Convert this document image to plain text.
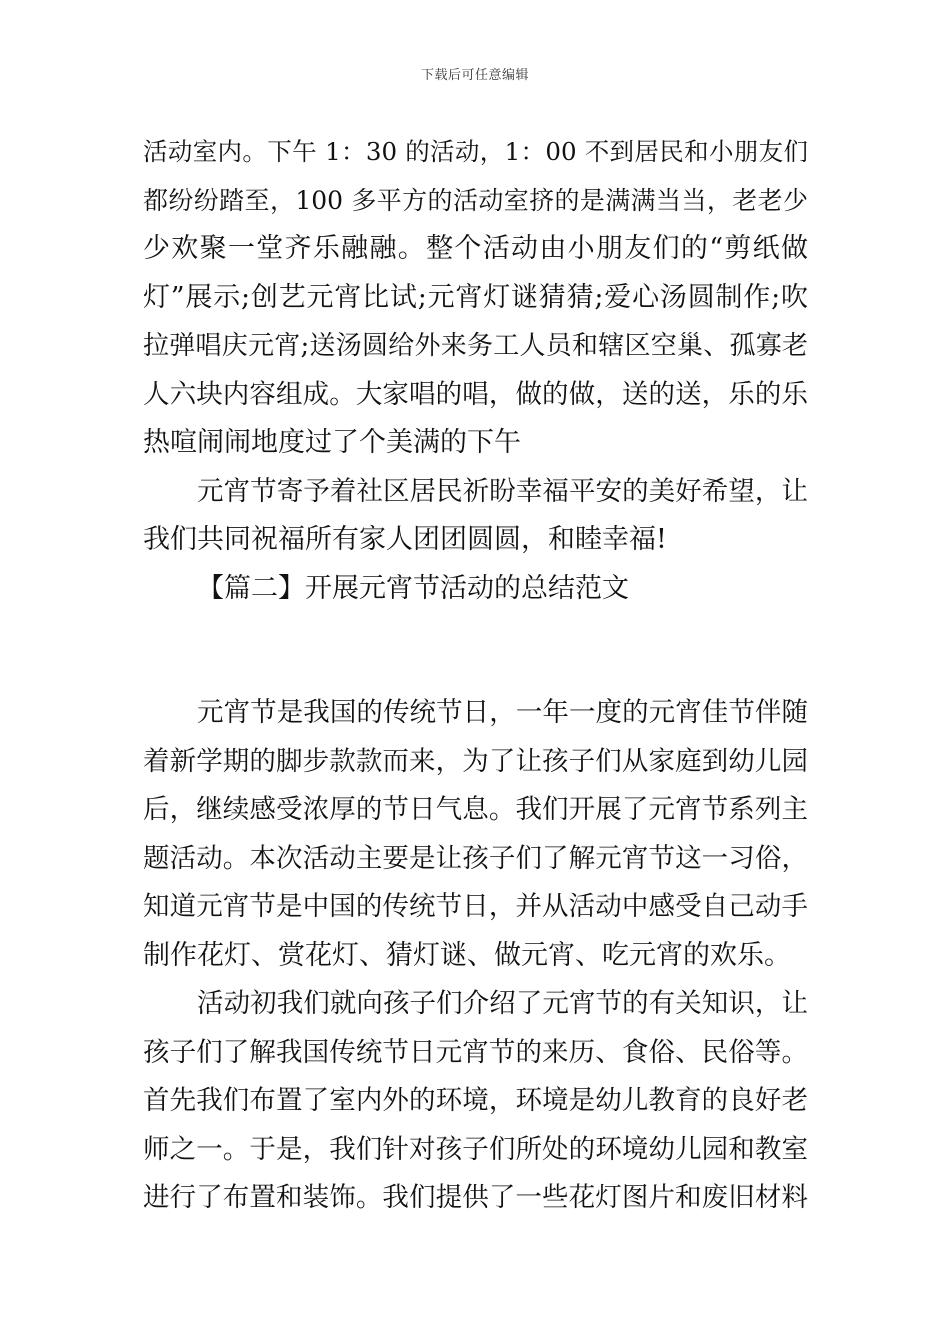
下载后可任意编辑
活动室内。下午 1：30 的活动，1：00 不到居民和小朋友们
都纷纷踏至，100 多平方的活动室挤的是满满当当，老老少
少欢聚一堂齐乐融融。整个活动由小朋友们的“剪纸做
灯”展示;创艺元宵比试;元宵灯谜猜猜;爱心汤圆制作;吹
拉弹唱庆元宵;送汤圆给外来务工人员和辖区空巢、孤寡老
人六块内容组成。大家唱的唱，做的做，送的送，乐的乐
热喧闹闹地度过了个美满的下午
元宵节寄予着社区居民祈盼幸福平安的美好希望，让
我们共同祝福所有家人团团圆圆，和睦幸福!
【篇二】开展元宵节活动的总结范文
元宵节是我国的传统节日，一年一度的元宵佳节伴随
着新学期的脚步款款而来，为了让孩子们从家庭到幼儿园
后，继续感受浓厚的节日气息。我们开展了元宵节系列主
题活动。本次活动主要是让孩子们了解元宵节这一习俗，
知道元宵节是中国的传统节日，并从活动中感受自己动手
制作花灯、赏花灯、猜灯谜、做元宵、吃元宵的欢乐。
活动初我们就向孩子们介绍了元宵节的有关知识，让
孩子们了解我国传统节日元宵节的来历、食俗、民俗等。
首先我们布置了室内外的环境，环境是幼儿教育的良好老
师之一。于是，我们针对孩子们所处的环境幼儿园和教室
进行了布置和装饰。我们提供了一些花灯图片和废旧材料
